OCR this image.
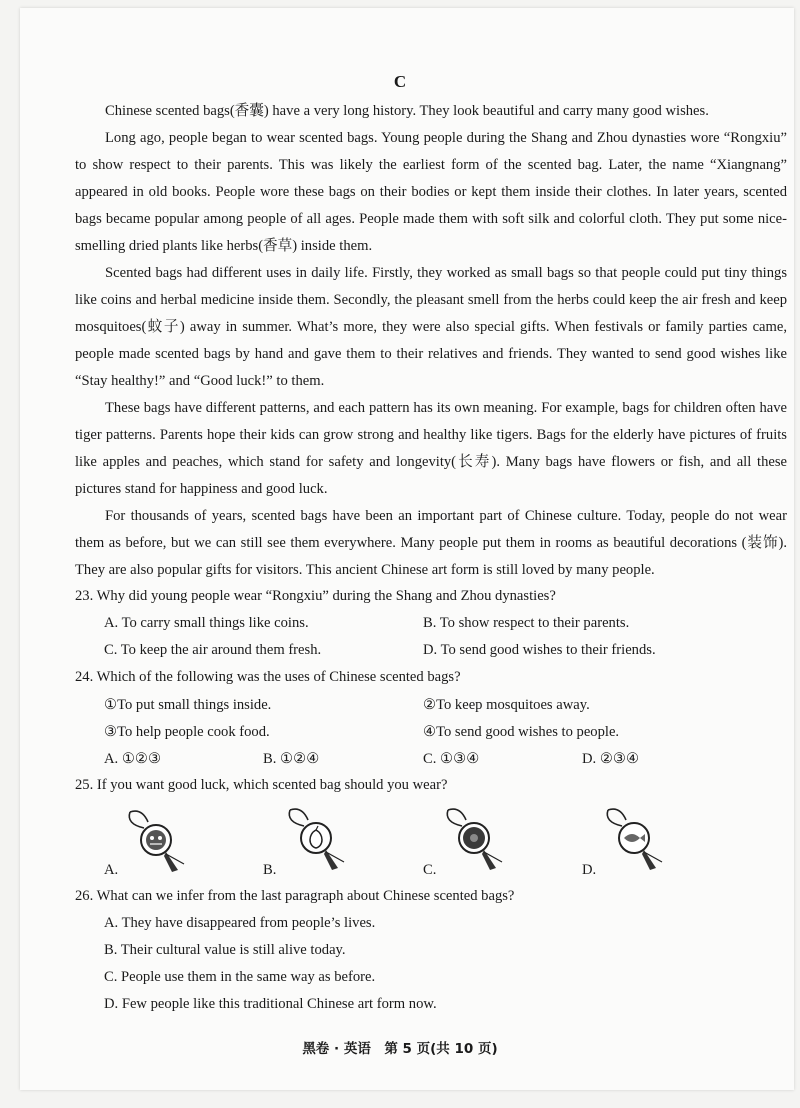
C

Chinese scented bags(香囊) have a very long history. They look beautiful and carry many good wishes.

Long ago, people began to wear scented bags. Young people during the Shang and Zhou dynasties wore “Rongxiu” to show respect to their parents. This was likely the earliest form of the scented bag. Later, the name “Xiangnang” appeared in old books. People wore these bags on their bodies or kept them inside their clothes. In later years, scented bags became popular among people of all ages. People made them with soft silk and colorful cloth. They put some nice-smelling dried plants like herbs(香草) inside them.

Scented bags had different uses in daily life. Firstly, they worked as small bags so that people could put tiny things like coins and herbal medicine inside them. Secondly, the pleasant smell from the herbs could keep the air fresh and keep mosquitoes(蚊子) away in summer. What’s more, they were also special gifts. When festivals or family parties came, people made scented bags by hand and gave them to their relatives and friends. They wanted to send good wishes like “Stay healthy!” and “Good luck!” to them.

These bags have different patterns, and each pattern has its own meaning. For example, bags for children often have tiger patterns. Parents hope their kids can grow strong and healthy like tigers. Bags for the elderly have pictures of fruits like apples and peaches, which stand for safety and longevity(长寿). Many bags have flowers or fish, and all these pictures stand for happiness and good luck.

For thousands of years, scented bags have been an important part of Chinese culture. Today, people do not wear them as before, but we can still see them everywhere. Many people put them in rooms as beautiful decorations (装饰). They are also popular gifts for visitors. This ancient Chinese art form is still loved by many people.

23. Why did young people wear “Rongxiu” during the Shang and Zhou dynasties?
A. To carry small things like coins.	B. To show respect to their parents.
C. To keep the air around them fresh.	D. To send good wishes to their friends.
24. Which of the following was the uses of Chinese scented bags?
①To put small things inside.	②To keep mosquitoes away.
③To help people cook food.	④To send good wishes to people.
A. ①②③	B. ①②④	C. ①③④	D. ②③④
25. If you want good luck, which scented bag should you wear?
A.	B.	C.	D.
26. What can we infer from the last paragraph about Chinese scented bags?
A. They have disappeared from people’s lives.
B. Their cultural value is still alive today.
C. People use them in the same way as before.
D. Few people like this traditional Chinese art form now.
黑卷 · 英语　第 5 页(共 10 页)
